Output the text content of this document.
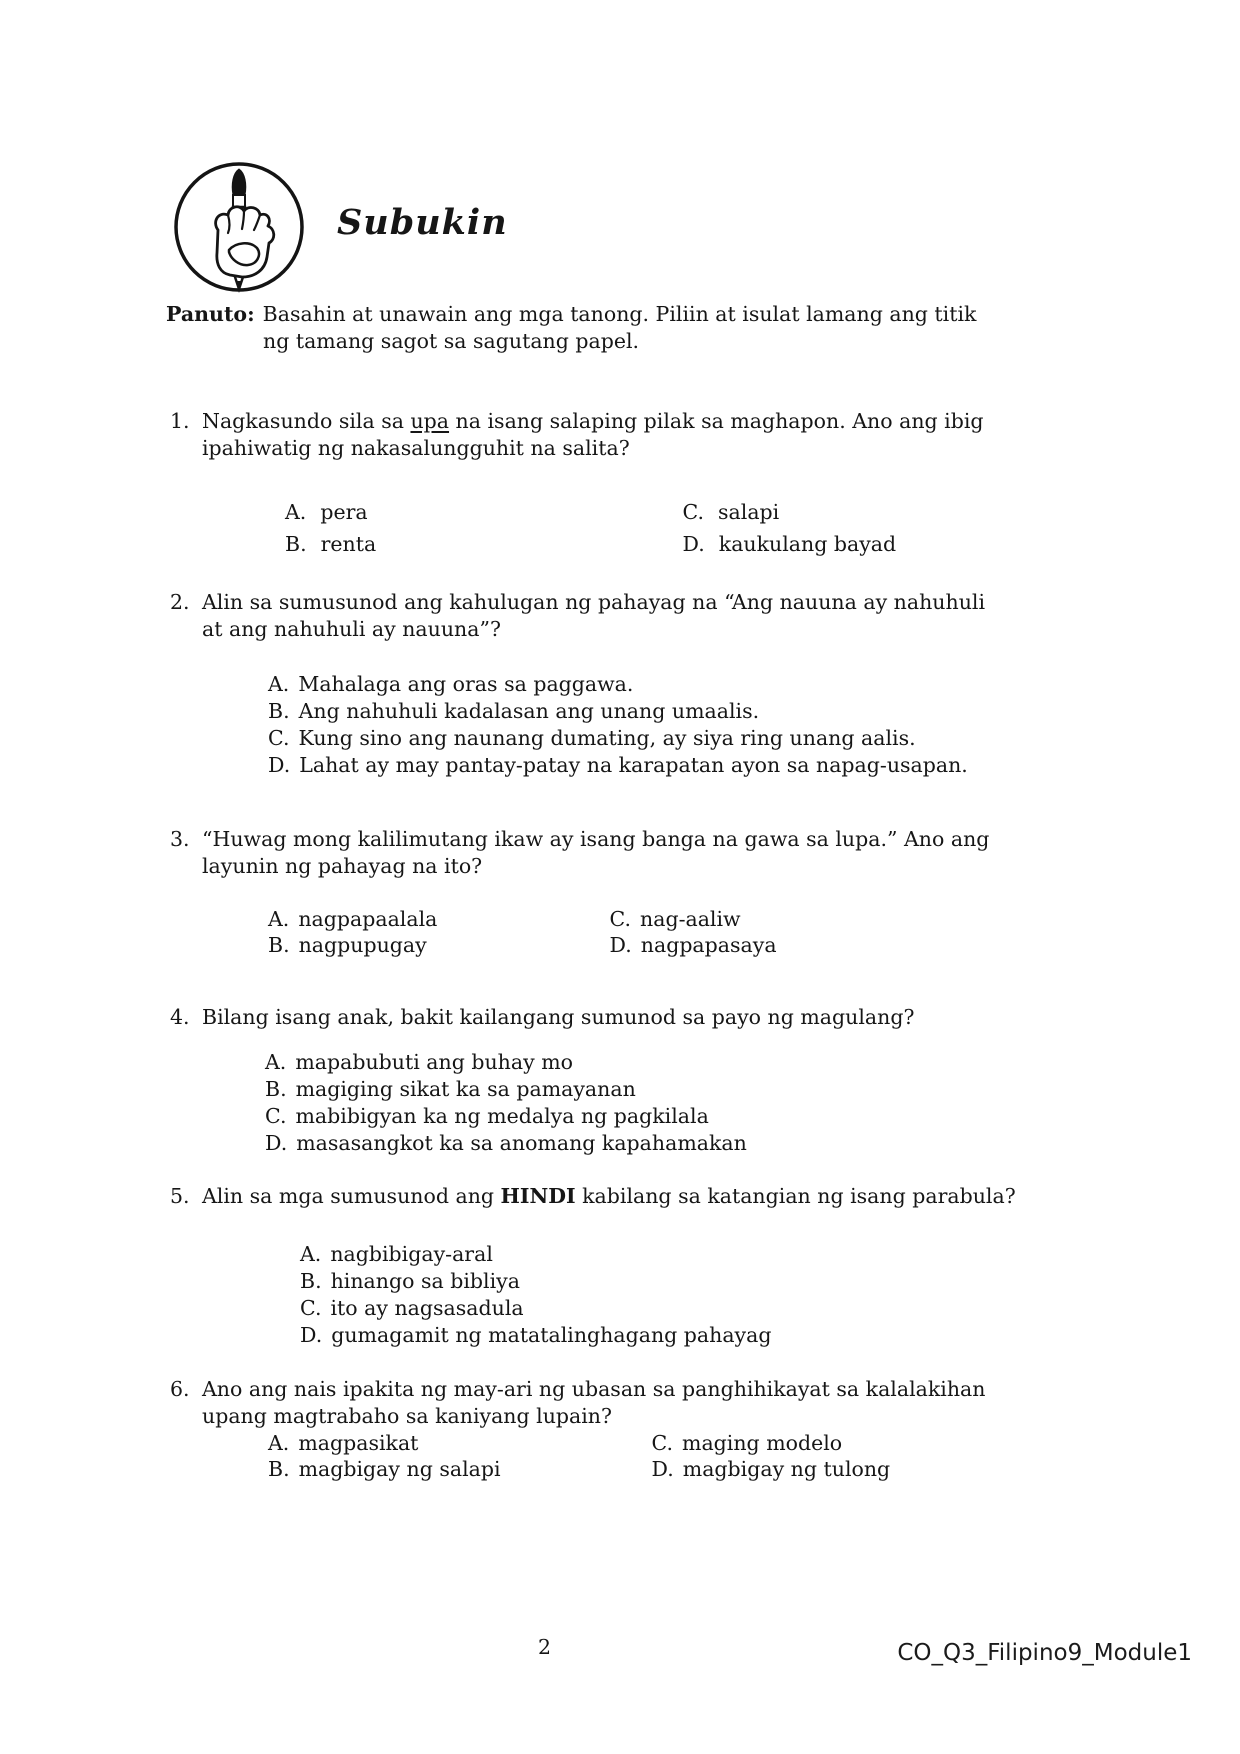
Subukin
Panuto: Basahin at unawain ang mga tanong. Piliin at isulat lamang ang titik
ng tamang sagot sa sagutang papel.
1. Nagkasundo sila sa upa na isang salaping pilak sa maghapon. Ano ang ibig
ipahiwatig ng nakasalungguhit na salita?
A. pera	C. salapi
B. renta	D. kaukulang bayad
2. Alin sa sumusunod ang kahulugan ng pahayag na “Ang nauuna ay nahuhuli
at ang nahuhuli ay nauuna”?
A. Mahalaga ang oras sa paggawa.
B. Ang nahuhuli kadalasan ang unang umaalis.
C. Kung sino ang naunang dumating, ay siya ring unang aalis.
D. Lahat ay may pantay-patay na karapatan ayon sa napag-usapan.
3. “Huwag mong kalilimutang ikaw ay isang banga na gawa sa lupa.” Ano ang
layunin ng pahayag na ito?
A. nagpapaalala	C. nag-aaliw
B. nagpupugay	D. nagpapasaya
4. Bilang isang anak, bakit kailangang sumunod sa payo ng magulang?
A. mapabubuti ang buhay mo
B. magiging sikat ka sa pamayanan
C. mabibigyan ka ng medalya ng pagkilala
D. masasangkot ka sa anomang kapahamakan
5. Alin sa mga sumusunod ang HINDI kabilang sa katangian ng isang parabula?
A. nagbibigay-aral
B. hinango sa bibliya
C. ito ay nagsasadula
D. gumagamit ng matatalinghagang pahayag
6. Ano ang nais ipakita ng may-ari ng ubasan sa panghihikayat sa kalalakihan
upang magtrabaho sa kaniyang lupain?
A. magpasikat	C. maging modelo
B. magbigay ng salapi	D. magbigay ng tulong
2	CO_Q3_Filipino9_Module1
